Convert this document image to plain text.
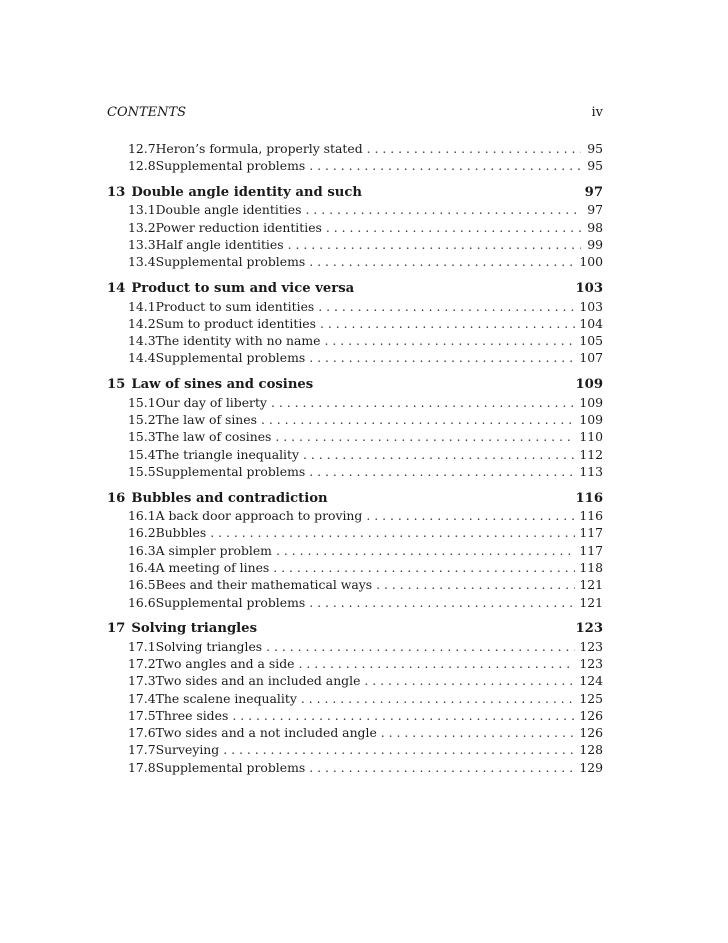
CONTENTS	iv
12.7 Heron’s formula, properly stated . .	95
12.8 Supplemental problems . .	95
13 Double angle identity and such	97
13.1 Double angle identities . .	97
13.2 Power reduction identities . .	98
13.3 Half angle identities . .	99
13.4 Supplemental problems . .	100
14 Product to sum and vice versa	103
14.1 Product to sum identities . .	103
14.2 Sum to product identities . .	104
14.3 The identity with no name . .	105
14.4 Supplemental problems . .	107
15 Law of sines and cosines	109
15.1 Our day of liberty . .	109
15.2 The law of sines . .	109
15.3 The law of cosines . .	110
15.4 The triangle inequality . .	112
15.5 Supplemental problems . .	113
16 Bubbles and contradiction	116
16.1 A back door approach to proving . .	116
16.2 Bubbles . .	117
16.3 A simpler problem . .	117
16.4 A meeting of lines . .	118
16.5 Bees and their mathematical ways . .	121
16.6 Supplemental problems . .	121
17 Solving triangles	123
17.1 Solving triangles . .	123
17.2 Two angles and a side . .	123
17.3 Two sides and an included angle . .	124
17.4 The scalene inequality . .	125
17.5 Three sides . .	126
17.6 Two sides and a not included angle . .	126
17.7 Surveying . .	128
17.8 Supplemental problems . .	129
